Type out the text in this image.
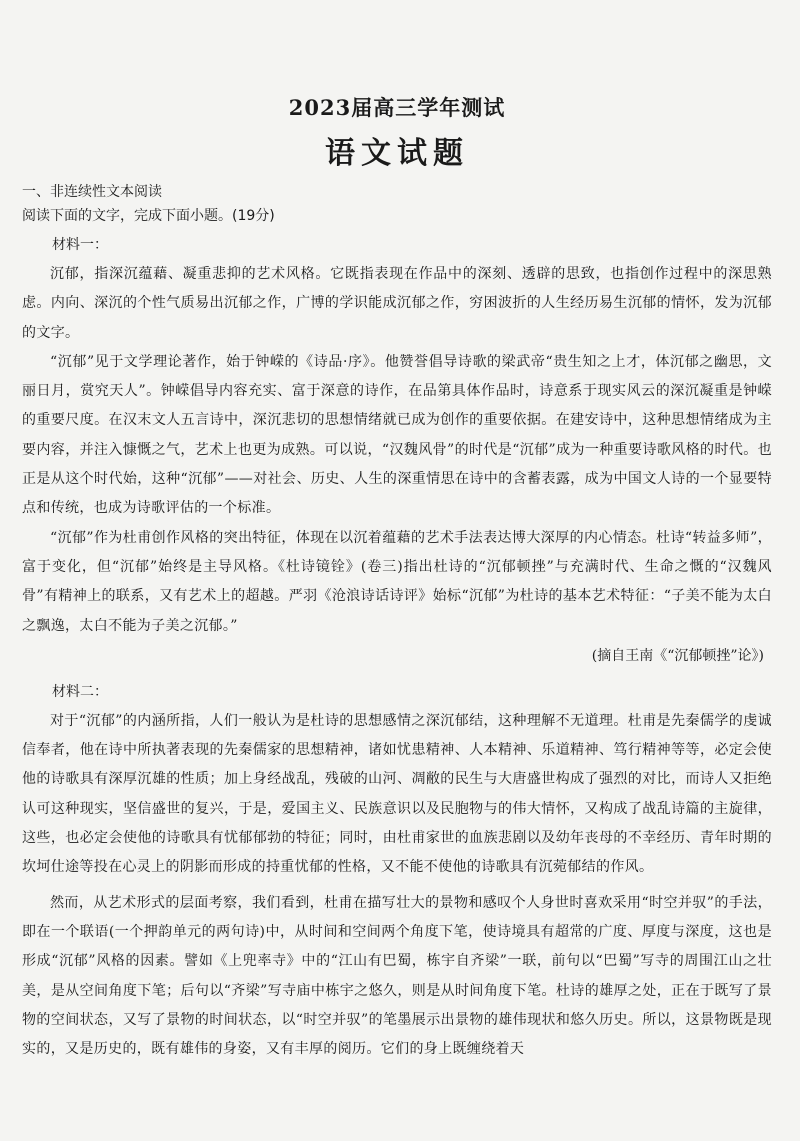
2023届高三学年测试
语文试题

一、非连续性文本阅读

阅读下面的文字，完成下面小题。(19分)

材料一：

沉郁，指深沉蕴藉、凝重悲抑的艺术风格。它既指表现在作品中的深刻、透辟的思致，也指创作过程中的深思熟虑。内向、深沉的个性气质易出沉郁之作，广博的学识能成沉郁之作，穷困波折的人生经历易生沉郁的情怀，发为沉郁的文字。

“沉郁”见于文学理论著作，始于钟嵘的《诗品·序》。他赞誉倡导诗歌的梁武帝“贵生知之上才，体沉郁之幽思，文丽日月，赏究天人”。钟嵘倡导内容充实、富于深意的诗作，在品第具体作品时，诗意系于现实风云的深沉凝重是钟嵘的重要尺度。在汉末文人五言诗中，深沉悲切的思想情绪就已成为创作的重要依据。在建安诗中，这种思想情绪成为主要内容，并注入慷慨之气，艺术上也更为成熟。可以说，“汉魏风骨”的时代是“沉郁”成为一种重要诗歌风格的时代。也正是从这个时代始，这种“沉郁”——对社会、历史、人生的深重情思在诗中的含蓄表露，成为中国文人诗的一个显要特点和传统，也成为诗歌评估的一个标准。

“沉郁”作为杜甫创作风格的突出特征，体现在以沉着蕴藉的艺术手法表达博大深厚的内心情态。杜诗“转益多师”，富于变化，但“沉郁”始终是主导风格。《杜诗镜铨》(卷三)指出杜诗的“沉郁顿挫”与充满时代、生命之慨的“汉魏风骨”有精神上的联系，又有艺术上的超越。严羽《沧浪诗话诗评》始标“沉郁”为杜诗的基本艺术特征：“子美不能为太白之飘逸，太白不能为子美之沉郁。”

(摘自王南《“沉郁顿挫”论》)

材料二：

对于“沉郁”的内涵所指，人们一般认为是杜诗的思想感情之深沉郁结，这种理解不无道理。杜甫是先秦儒学的虔诚信奉者，他在诗中所执著表现的先秦儒家的思想精神，诸如忧患精神、人本精神、乐道精神、笃行精神等等，必定会使他的诗歌具有深厚沉雄的性质；加上身经战乱，残破的山河、凋敝的民生与大唐盛世构成了强烈的对比，而诗人又拒绝认可这种现实，坚信盛世的复兴，于是，爱国主义、民族意识以及民胞物与的伟大情怀，又构成了战乱诗篇的主旋律，这些，也必定会使他的诗歌具有忧郁郁勃的特征；同时，由杜甫家世的血族悲剧以及幼年丧母的不幸经历、青年时期的坎坷仕途等投在心灵上的阴影而形成的持重忧郁的性格，又不能不使他的诗歌具有沉菀郁结的作风。

然而，从艺术形式的层面考察，我们看到，杜甫在描写壮大的景物和感叹个人身世时喜欢采用“时空并驭”的手法，即在一个联语(一个押韵单元的两句诗)中，从时间和空间两个角度下笔，使诗境具有超常的广度、厚度与深度，这也是形成“沉郁”风格的因素。譬如《上兜率寺》中的“江山有巴蜀，栋宇自齐梁”一联，前句以“巴蜀”写寺的周围江山之壮美，是从空间角度下笔；后句以“齐梁”写寺庙中栋宇之悠久，则是从时间角度下笔。杜诗的雄厚之处，正在于既写了景物的空间状态，又写了景物的时间状态，以“时空并驭”的笔墨展示出景物的雄伟现状和悠久历史。所以，这景物既是现实的，又是历史的，既有雄伟的身姿，又有丰厚的阅历。它们的身上既缠绕着天
